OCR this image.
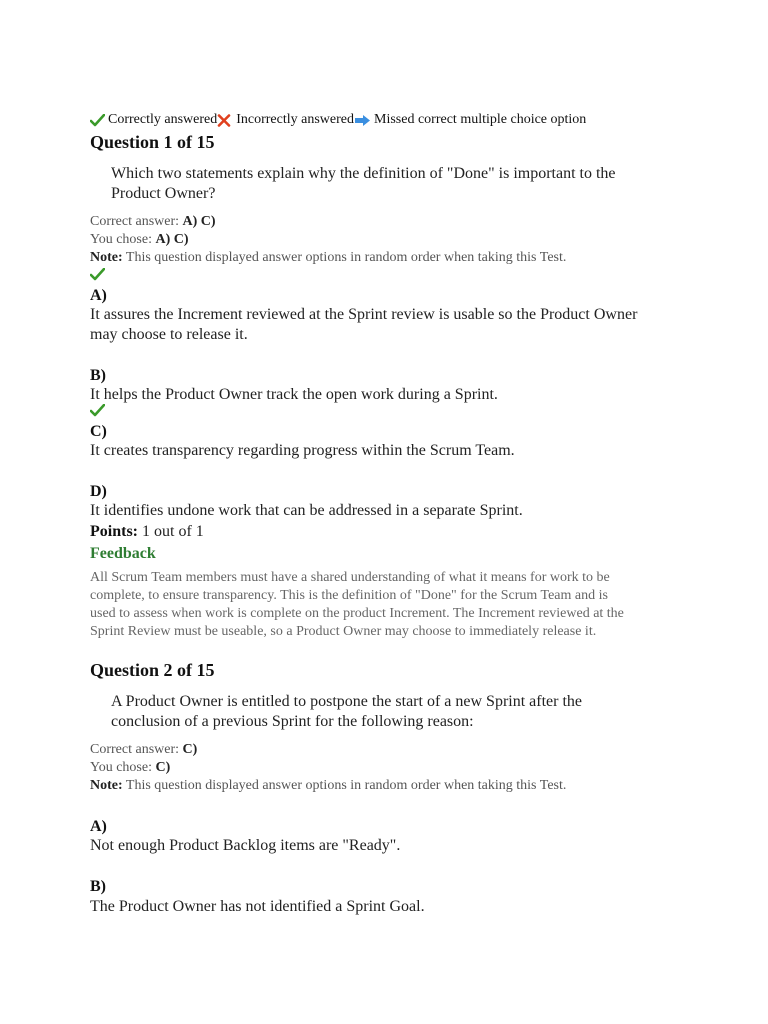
Correctly answered Incorrectly answered Missed correct multiple choice option
Question 1 of 15
Which two statements explain why the definition of "Done" is important to the
Product Owner?
Correct answer: A) C)
You chose: A) C)
Note: This question displayed answer options in random order when taking this Test.
A)
It assures the Increment reviewed at the Sprint review is usable so the Product Owner
may choose to release it.
B)
It helps the Product Owner track the open work during a Sprint.
C)
It creates transparency regarding progress within the Scrum Team.
D)
It identifies undone work that can be addressed in a separate Sprint.
Points: 1 out of 1
Feedback
All Scrum Team members must have a shared understanding of what it means for work to be
complete, to ensure transparency. This is the definition of "Done" for the Scrum Team and is
used to assess when work is complete on the product Increment. The Increment reviewed at the
Sprint Review must be useable, so a Product Owner may choose to immediately release it.
Question 2 of 15
A Product Owner is entitled to postpone the start of a new Sprint after the
conclusion of a previous Sprint for the following reason:
Correct answer: C)
You chose: C)
Note: This question displayed answer options in random order when taking this Test.
A)
Not enough Product Backlog items are "Ready".
B)
The Product Owner has not identified a Sprint Goal.
